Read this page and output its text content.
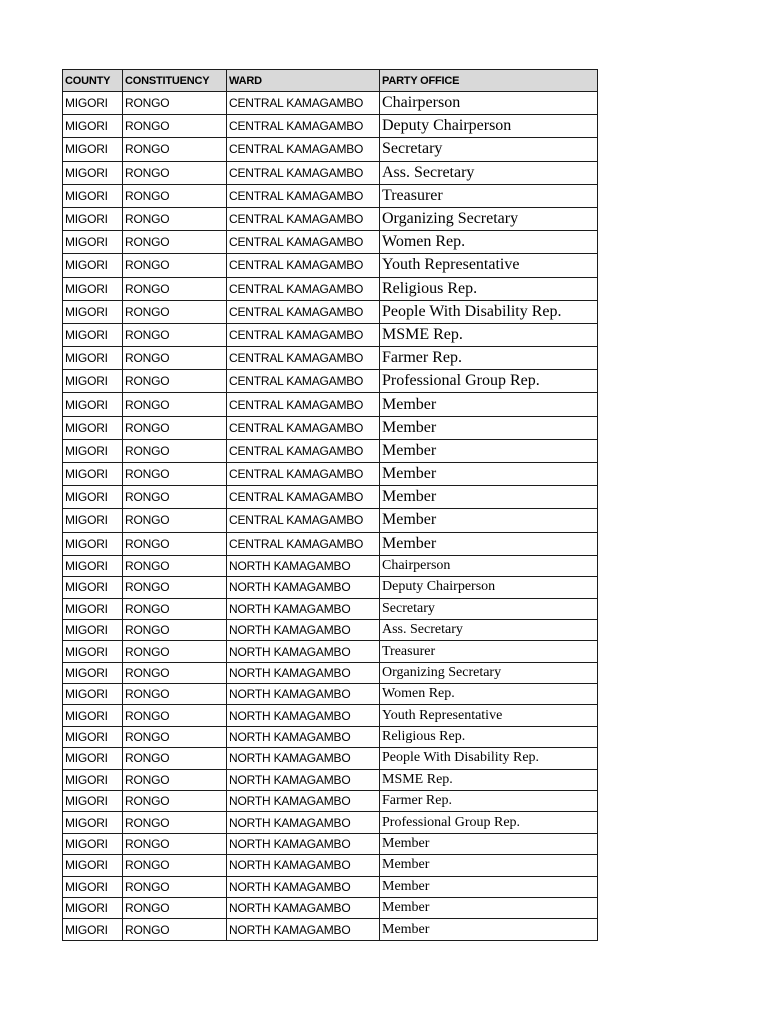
COUNTY	CONSTITUENCY	WARD	PARTY OFFICE
MIGORI	RONGO	CENTRAL KAMAGAMBO	Chairperson
MIGORI	RONGO	CENTRAL KAMAGAMBO	Deputy Chairperson
MIGORI	RONGO	CENTRAL KAMAGAMBO	Secretary
MIGORI	RONGO	CENTRAL KAMAGAMBO	Ass. Secretary
MIGORI	RONGO	CENTRAL KAMAGAMBO	Treasurer
MIGORI	RONGO	CENTRAL KAMAGAMBO	Organizing Secretary
MIGORI	RONGO	CENTRAL KAMAGAMBO	Women Rep.
MIGORI	RONGO	CENTRAL KAMAGAMBO	Youth Representative
MIGORI	RONGO	CENTRAL KAMAGAMBO	Religious Rep.
MIGORI	RONGO	CENTRAL KAMAGAMBO	People With Disability Rep.
MIGORI	RONGO	CENTRAL KAMAGAMBO	MSME Rep.
MIGORI	RONGO	CENTRAL KAMAGAMBO	Farmer Rep.
MIGORI	RONGO	CENTRAL KAMAGAMBO	Professional Group Rep.
MIGORI	RONGO	CENTRAL KAMAGAMBO	Member
MIGORI	RONGO	CENTRAL KAMAGAMBO	Member
MIGORI	RONGO	CENTRAL KAMAGAMBO	Member
MIGORI	RONGO	CENTRAL KAMAGAMBO	Member
MIGORI	RONGO	CENTRAL KAMAGAMBO	Member
MIGORI	RONGO	CENTRAL KAMAGAMBO	Member
MIGORI	RONGO	CENTRAL KAMAGAMBO	Member
MIGORI	RONGO	NORTH KAMAGAMBO	Chairperson
MIGORI	RONGO	NORTH KAMAGAMBO	Deputy Chairperson
MIGORI	RONGO	NORTH KAMAGAMBO	Secretary
MIGORI	RONGO	NORTH KAMAGAMBO	Ass. Secretary
MIGORI	RONGO	NORTH KAMAGAMBO	Treasurer
MIGORI	RONGO	NORTH KAMAGAMBO	Organizing Secretary
MIGORI	RONGO	NORTH KAMAGAMBO	Women Rep.
MIGORI	RONGO	NORTH KAMAGAMBO	Youth Representative
MIGORI	RONGO	NORTH KAMAGAMBO	Religious Rep.
MIGORI	RONGO	NORTH KAMAGAMBO	People With Disability Rep.
MIGORI	RONGO	NORTH KAMAGAMBO	MSME Rep.
MIGORI	RONGO	NORTH KAMAGAMBO	Farmer Rep.
MIGORI	RONGO	NORTH KAMAGAMBO	Professional Group Rep.
MIGORI	RONGO	NORTH KAMAGAMBO	Member
MIGORI	RONGO	NORTH KAMAGAMBO	Member
MIGORI	RONGO	NORTH KAMAGAMBO	Member
MIGORI	RONGO	NORTH KAMAGAMBO	Member
MIGORI	RONGO	NORTH KAMAGAMBO	Member
